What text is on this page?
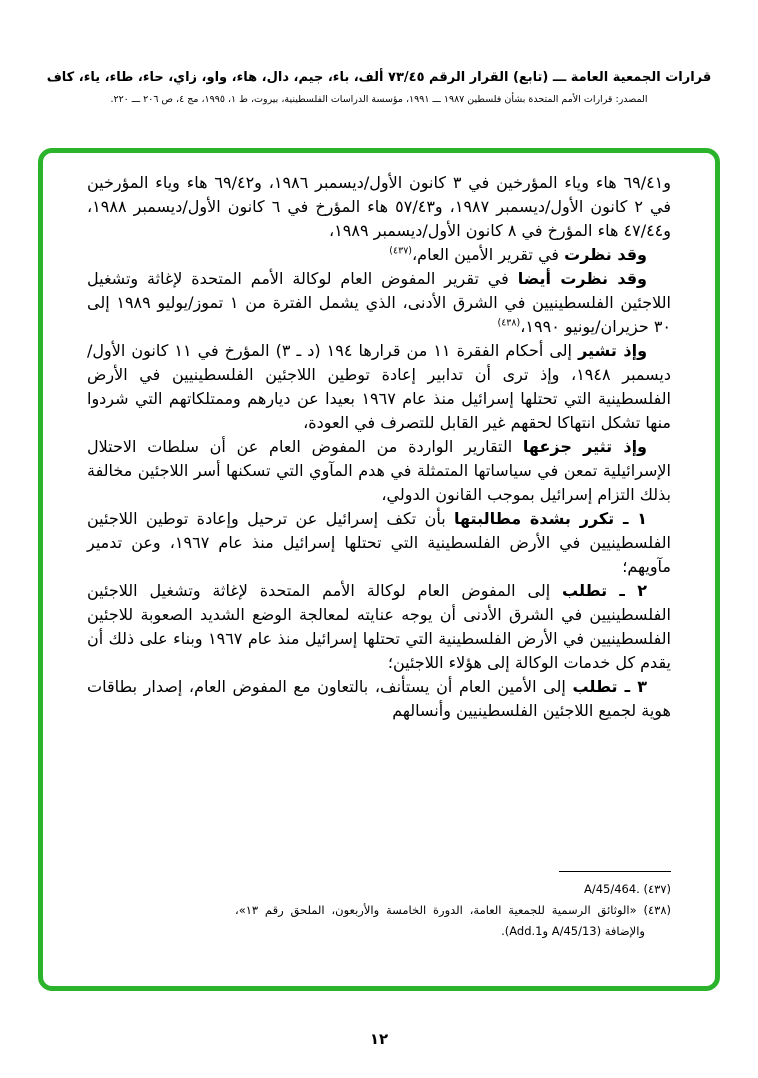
قرارات الجمعية العامة ـــ (تابع) القرار الرقم ٧٣/٤٥ ألف، باء، جيم، دال، هاء، واو، زاي، حاء، طاء، ياء، كاف
المصدر: قرارات الأمم المتحدة بشأن فلسطين ١٩٨٧ ـــ ١٩٩١، مؤسسة الدراسات الفلسطينية، بيروت، ط ١، ١٩٩٥، مج ٤، ص ٢٠٦ ـــ ٢٢٠.

و٦٩/٤١ هاء وياء المؤرخين في ٣ كانون الأول/ديسمبر ١٩٨٦، و٦٩/٤٢ هاء وياء المؤرخين في ٢ كانون الأول/ديسمبر ١٩٨٧، و٥٧/٤٣ هاء المؤرخ في ٦ كانون الأول/ديسمبر ١٩٨٨، و٤٧/٤٤ هاء المؤرخ في ٨ كانون الأول/ديسمبر ١٩٨٩،

وقد نظرت في تقرير الأمين العام،$^{(٤٣٧)}$

وقد نظرت أيضا في تقرير المفوض العام لوكالة الأمم المتحدة لإغاثة وتشغيل اللاجئين الفلسطينيين في الشرق الأدنى، الذي يشمل الفترة من ١ تموز/يوليو ١٩٨٩ إلى ٣٠ حزيران/يونيو ١٩٩٠،$^{(٤٣٨)}$

وإذ تشير إلى أحكام الفقرة ١١ من قرارها ١٩٤ (د ـ ٣) المؤرخ في ١١ كانون الأول/ديسمبر ١٩٤٨، وإذ ترى أن تدابير إعادة توطين اللاجئين الفلسطينيين في الأرض الفلسطينية التي تحتلها إسرائيل منذ عام ١٩٦٧ بعيدا عن ديارهم وممتلكاتهم التي شردوا منها تشكل انتهاكا لحقهم غير القابل للتصرف في العودة،

وإذ تثير جزعها التقارير الواردة من المفوض العام عن أن سلطات الاحتلال الإسرائيلية تمعن في سياساتها المتمثلة في هدم المآوي التي تسكنها أسر اللاجئين مخالفة بذلك التزام إسرائيل بموجب القانون الدولي،

١ ـ تكرر بشدة مطالبتها بأن تكف إسرائيل عن ترحيل وإعادة توطين اللاجئين الفلسطينيين في الأرض الفلسطينية التي تحتلها إسرائيل منذ عام ١٩٦٧، وعن تدمير مآويهم؛

٢ ـ تطلب إلى المفوض العام لوكالة الأمم المتحدة لإغاثة وتشغيل اللاجئين الفلسطينيين في الشرق الأدنى أن يوجه عنايته لمعالجة الوضع الشديد الصعوبة للاجئين الفلسطينيين في الأرض الفلسطينية التي تحتلها إسرائيل منذ عام ١٩٦٧ وبناء على ذلك أن يقدم كل خدمات الوكالة إلى هؤلاء اللاجئين؛

٣ ـ تطلب إلى الأمين العام أن يستأنف، بالتعاون مع المفوض العام، إصدار بطاقات هوية لجميع اللاجئين الفلسطينيين وأنسالهم

(٤٣٧) A/45/464.‎

(٤٣٨) «الوثائق الرسمية للجمعية العامة، الدورة الخامسة والأربعون، الملحق رقم ١٣»، والإضافة (A/45/13 وAdd.1).

١٢
